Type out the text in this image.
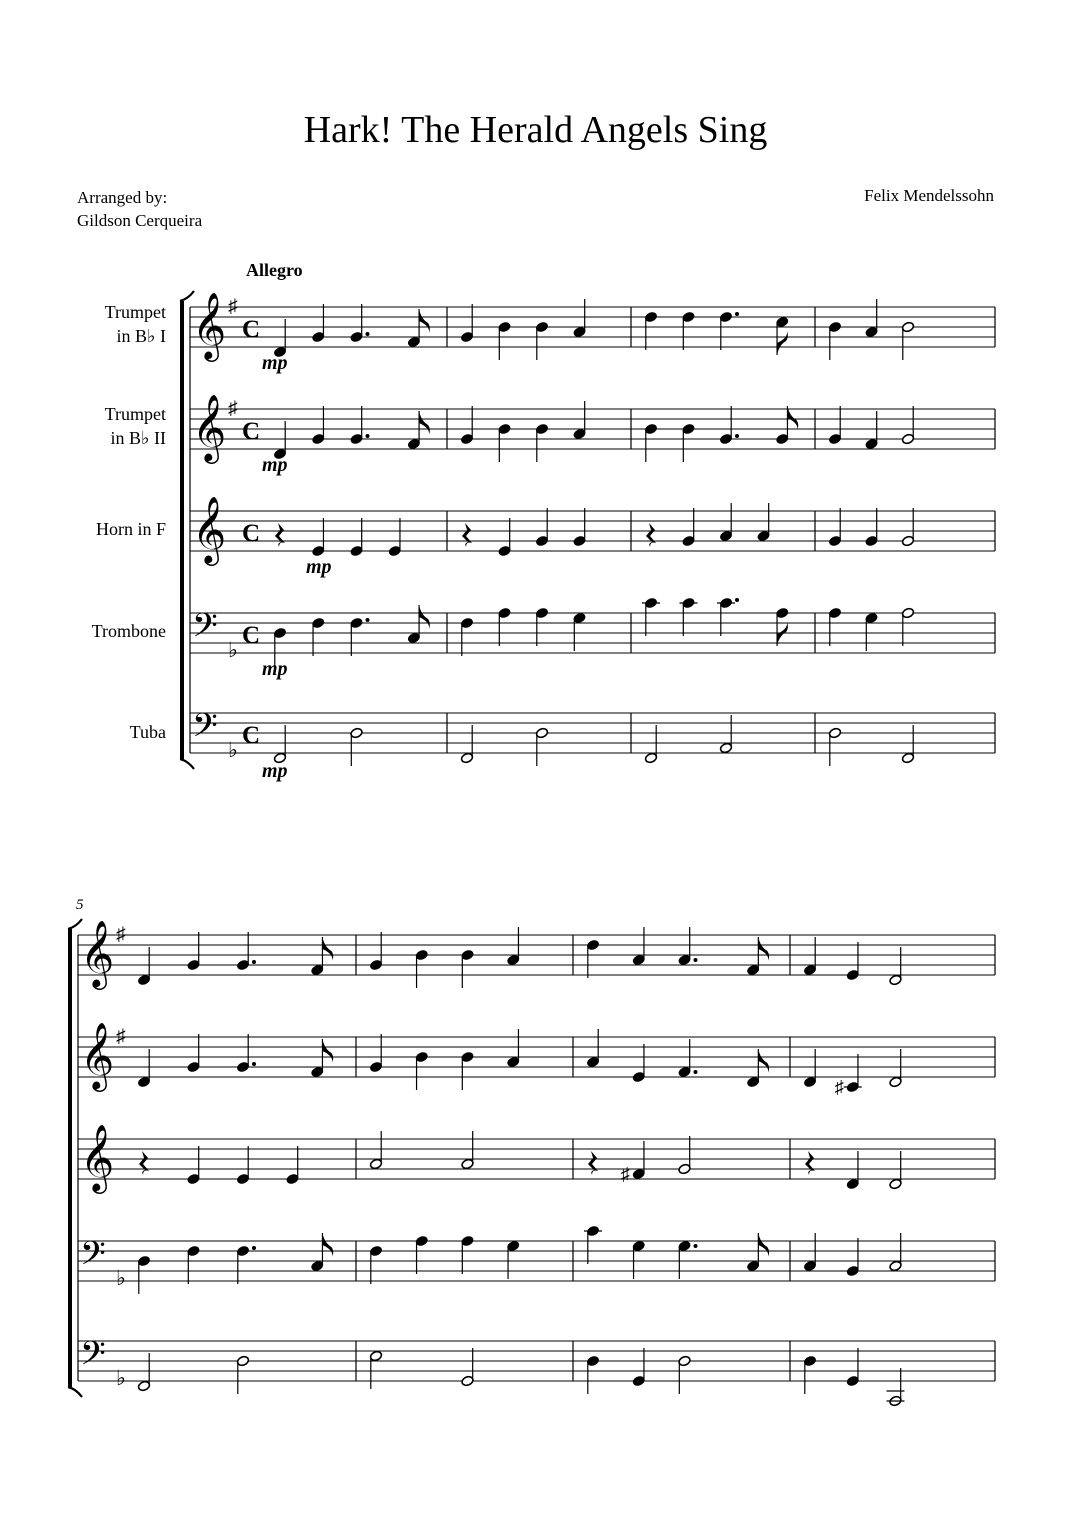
Hark! The Herald Angels Sing
Arranged by:
Gildson Cerqueira
Felix Mendelssohn
Allegro
Trumpet
in B♭ I
Trumpet
in B♭ II
Horn in F
Trombone
Tuba
5
𝄞 ♯
C
𝄞 ♯
C
𝄞 C
𝄢 ♭
C
𝄢 ♭
C
𝄞 ♯
𝄞 ♯
𝄞
𝄢 ♭
𝄢 ♭
♯
♯
mp
mp
mp
mp
mp
